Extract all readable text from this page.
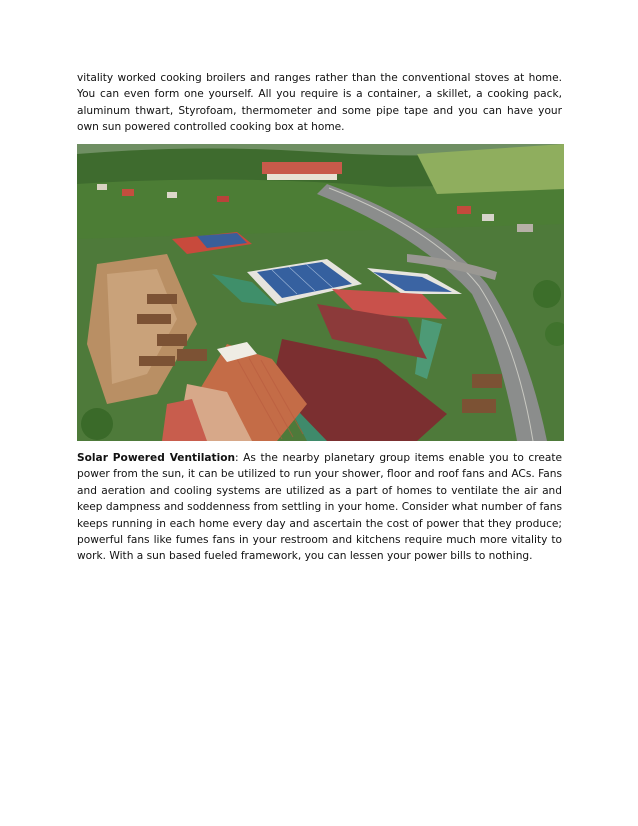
vitality worked cooking broilers and ranges rather than the conventional stoves at home. You can even form one yourself. All you require is a container, a skillet, a cooking pack, aluminum thwart, Styrofoam, thermometer and some pipe tape and you can have your own sun powered controlled cooking box at home.

Solar Powered Ventilation: As the nearby planetary group items enable you to create power from the sun, it can be utilized to run your shower, floor and roof fans and ACs. Fans and aeration and cooling systems are utilized as a part of homes to ventilate the air and keep dampness and soddenness from settling in your home. Consider what number of fans keeps running in each home every day and ascertain the cost of power that they produce; powerful fans like fumes fans in your restroom and kitchens require much more vitality to work. With a sun based fueled framework, you can lessen your power bills to nothing.
